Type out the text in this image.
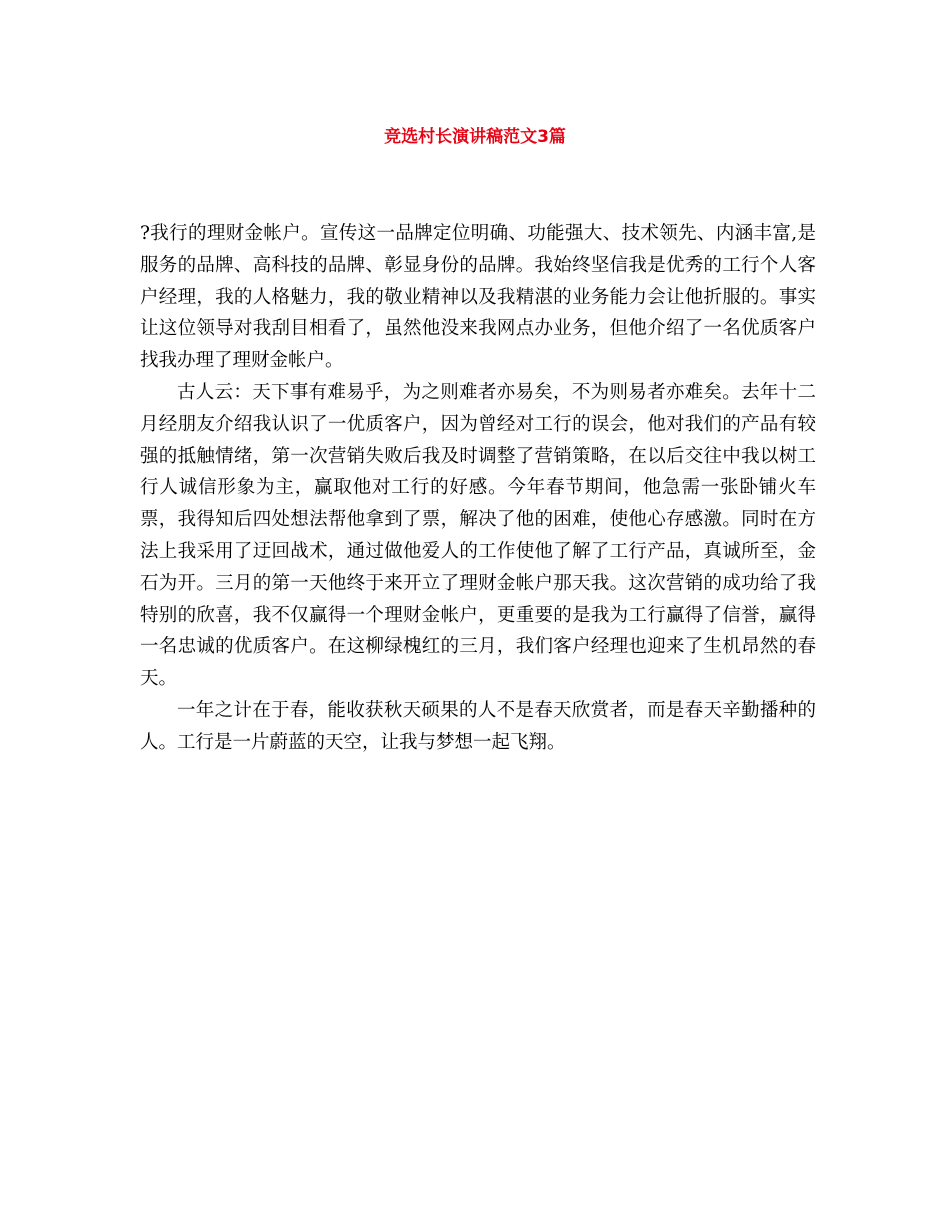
竞选村长演讲稿范文3篇

?我行的理财金帐户。宣传这一品牌定位明确、功能强大、技术领先、内涵丰富,是服务的品牌、高科技的品牌、彰显身份的品牌。我始终坚信我是优秀的工行个人客户经理，我的人格魅力，我的敬业精神以及我精湛的业务能力会让他折服的。事实让这位领导对我刮目相看了，虽然他没来我网点办业务，但他介绍了一名优质客户找我办理了理财金帐户。

古人云：天下事有难易乎，为之则难者亦易矣，不为则易者亦难矣。去年十二月经朋友介绍我认识了一优质客户，因为曾经对工行的误会，他对我们的产品有较强的抵触情绪，第一次营销失败后我及时调整了营销策略，在以后交往中我以树工行人诚信形象为主，赢取他对工行的好感。今年春节期间，他急需一张卧铺火车票，我得知后四处想法帮他拿到了票，解决了他的困难，使他心存感激。同时在方法上我采用了迂回战术，通过做他爱人的工作使他了解了工行产品，真诚所至，金石为开。三月的第一天他终于来开立了理财金帐户那天我。这次营销的成功给了我特别的欣喜，我不仅赢得一个理财金帐户，更重要的是我为工行赢得了信誉，赢得一名忠诚的优质客户。在这柳绿槐红的三月，我们客户经理也迎来了生机昂然的春天。

一年之计在于春，能收获秋天硕果的人不是春天欣赏者，而是春天辛勤播种的人。工行是一片蔚蓝的天空，让我与梦想一起飞翔。
